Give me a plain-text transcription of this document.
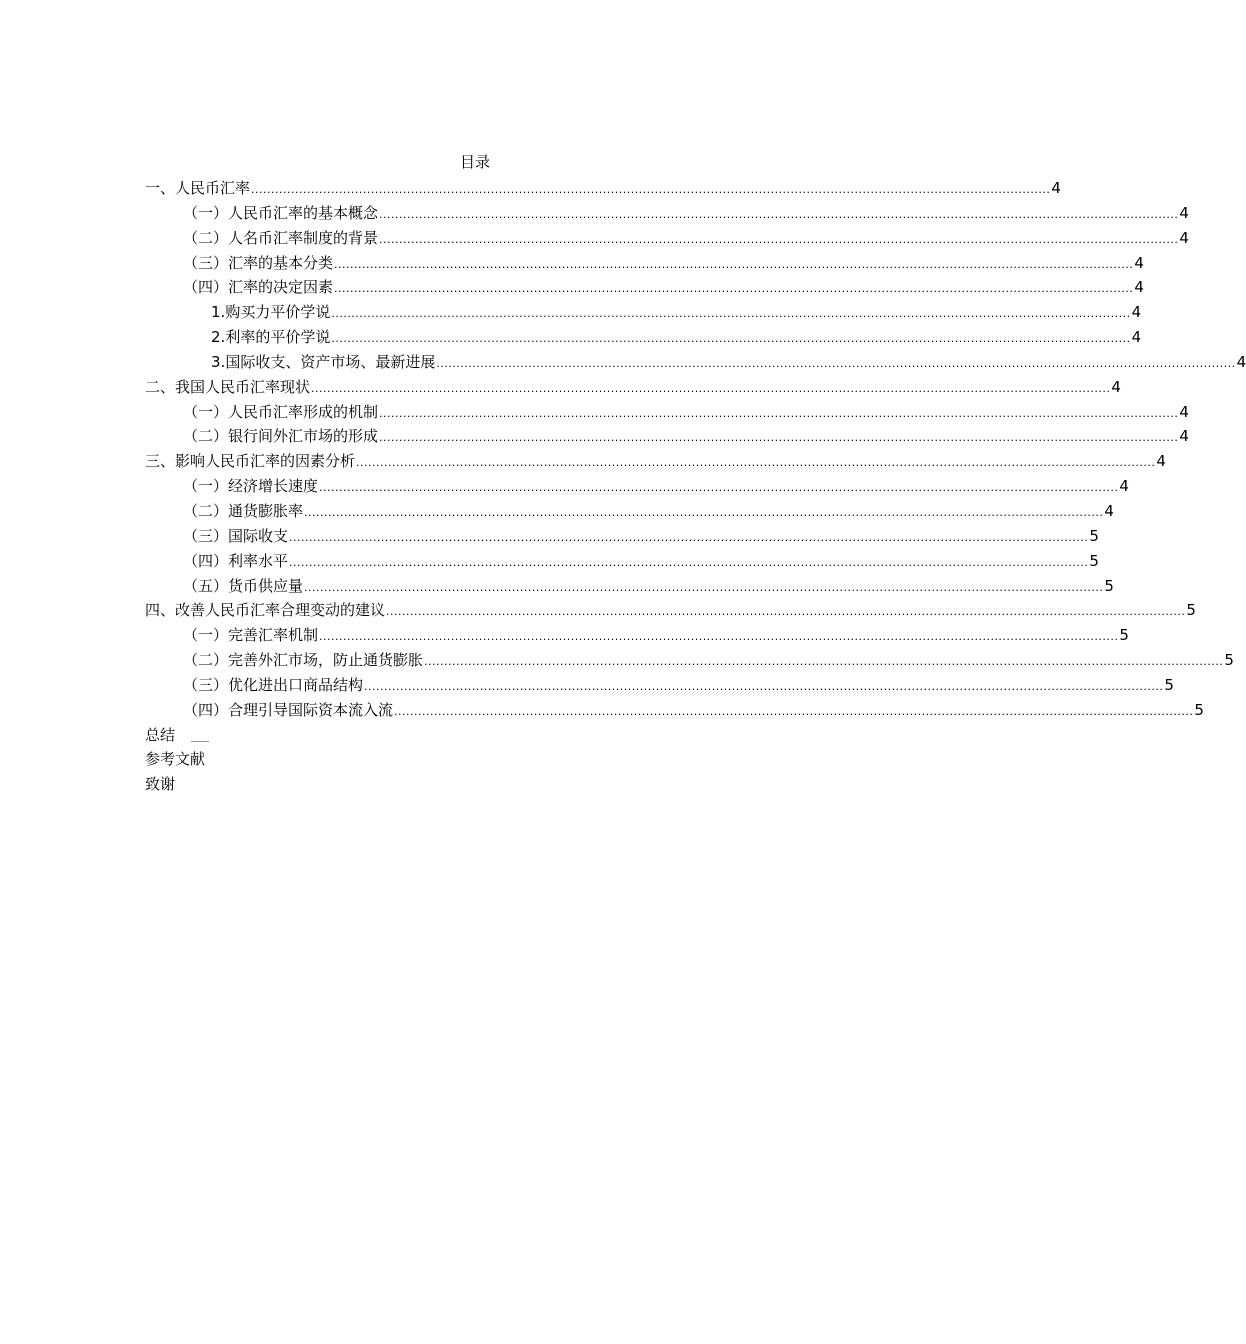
目录
一、人民币汇率 ........................................................................................................................................................................................................ 4
（一）人民币汇率的基本概念 ........................................................................................................................................................................................................ 4
（二）人名币汇率制度的背景 ........................................................................................................................................................................................................ 4
（三）汇率的基本分类 ........................................................................................................................................................................................................ 4
（四）汇率的决定因素 ........................................................................................................................................................................................................ 4
1.购买力平价学说 ........................................................................................................................................................................................................ 4
2.利率的平价学说 ........................................................................................................................................................................................................ 4
3.国际收支、资产市场、最新进展 ........................................................................................................................................................................................................ 4
二、我国人民币汇率现状 ........................................................................................................................................................................................................ 4
（一）人民币汇率形成的机制 ........................................................................................................................................................................................................ 4
（二）银行间外汇市场的形成 ........................................................................................................................................................................................................ 4
三、影响人民币汇率的因素分析 ........................................................................................................................................................................................................ 4
（一）经济增长速度 ........................................................................................................................................................................................................ 4
（二）通货膨胀率 ........................................................................................................................................................................................................ 4
（三）国际收支 ........................................................................................................................................................................................................ 5
（四）利率水平 ........................................................................................................................................................................................................ 5
（五）货币供应量 ........................................................................................................................................................................................................ 5
四、改善人民币汇率合理变动的建议 ........................................................................................................................................................................................................ 5
（一）完善汇率机制 ........................................................................................................................................................................................................ 5
（二）完善外汇市场，防止通货膨胀 ........................................................................................................................................................................................................ 5
（三）优化进出口商品结构 ........................................................................................................................................................................................................ 5
（四）合理引导国际资本流入流 ........................................................................................................................................................................................................ 5
总结
参考文献
致谢
